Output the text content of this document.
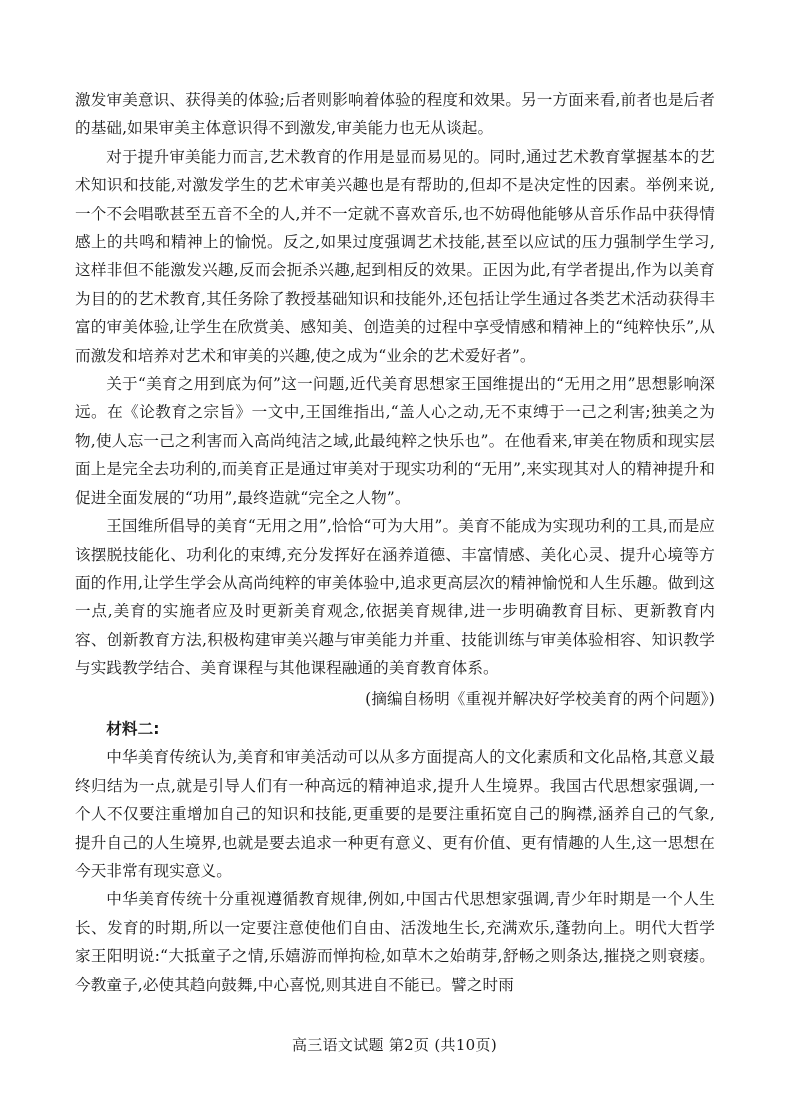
激发审美意识、获得美的体验;后者则影响着体验的程度和效果。另一方面来看,前者也是后者的基础,如果审美主体意识得不到激发,审美能力也无从谈起。

对于提升审美能力而言,艺术教育的作用是显而易见的。同时,通过艺术教育掌握基本的艺术知识和技能,对激发学生的艺术审美兴趣也是有帮助的,但却不是决定性的因素。举例来说,一个不会唱歌甚至五音不全的人,并不一定就不喜欢音乐,也不妨碍他能够从音乐作品中获得情感上的共鸣和精神上的愉悦。反之,如果过度强调艺术技能,甚至以应试的压力强制学生学习,这样非但不能激发兴趣,反而会扼杀兴趣,起到相反的效果。正因为此,有学者提出,作为以美育为目的的艺术教育,其任务除了教授基础知识和技能外,还包括让学生通过各类艺术活动获得丰富的审美体验,让学生在欣赏美、感知美、创造美的过程中享受情感和精神上的“纯粹快乐”,从而激发和培养对艺术和审美的兴趣,使之成为“业余的艺术爱好者”。

关于“美育之用到底为何”这一问题,近代美育思想家王国维提出的“无用之用”思想影响深远。在《论教育之宗旨》一文中,王国维指出,“盖人心之动,无不束缚于一己之利害;独美之为物,使人忘一己之利害而入高尚纯洁之域,此最纯粹之快乐也”。在他看来,审美在物质和现实层面上是完全去功利的,而美育正是通过审美对于现实功利的“无用”,来实现其对人的精神提升和促进全面发展的“功用”,最终造就“完全之人物”。

王国维所倡导的美育“无用之用”,恰恰“可为大用”。美育不能成为实现功利的工具,而是应该摆脱技能化、功利化的束缚,充分发挥好在涵养道德、丰富情感、美化心灵、提升心境等方面的作用,让学生学会从高尚纯粹的审美体验中,追求更高层次的精神愉悦和人生乐趣。做到这一点,美育的实施者应及时更新美育观念,依据美育规律,进一步明确教育目标、更新教育内容、创新教育方法,积极构建审美兴趣与审美能力并重、技能训练与审美体验相容、知识教学与实践教学结合、美育课程与其他课程融通的美育教育体系。

(摘编自杨明《重视并解决好学校美育的两个问题》)

材料二:

中华美育传统认为,美育和审美活动可以从多方面提高人的文化素质和文化品格,其意义最终归结为一点,就是引导人们有一种高远的精神追求,提升人生境界。我国古代思想家强调,一个人不仅要注重增加自己的知识和技能,更重要的是要注重拓宽自己的胸襟,涵养自己的气象,提升自己的人生境界,也就是要去追求一种更有意义、更有价值、更有情趣的人生,这一思想在今天非常有现实意义。

中华美育传统十分重视遵循教育规律,例如,中国古代思想家强调,青少年时期是一个人生长、发育的时期,所以一定要注意使他们自由、活泼地生长,充满欢乐,蓬勃向上。明代大哲学家王阳明说:“大抵童子之情,乐嬉游而惮拘检,如草木之始萌芽,舒畅之则条达,摧挠之则衰痿。今教童子,必使其趋向鼓舞,中心喜悦,则其进自不能已。譬之时雨

高三语文试题 第2页 (共10页)
